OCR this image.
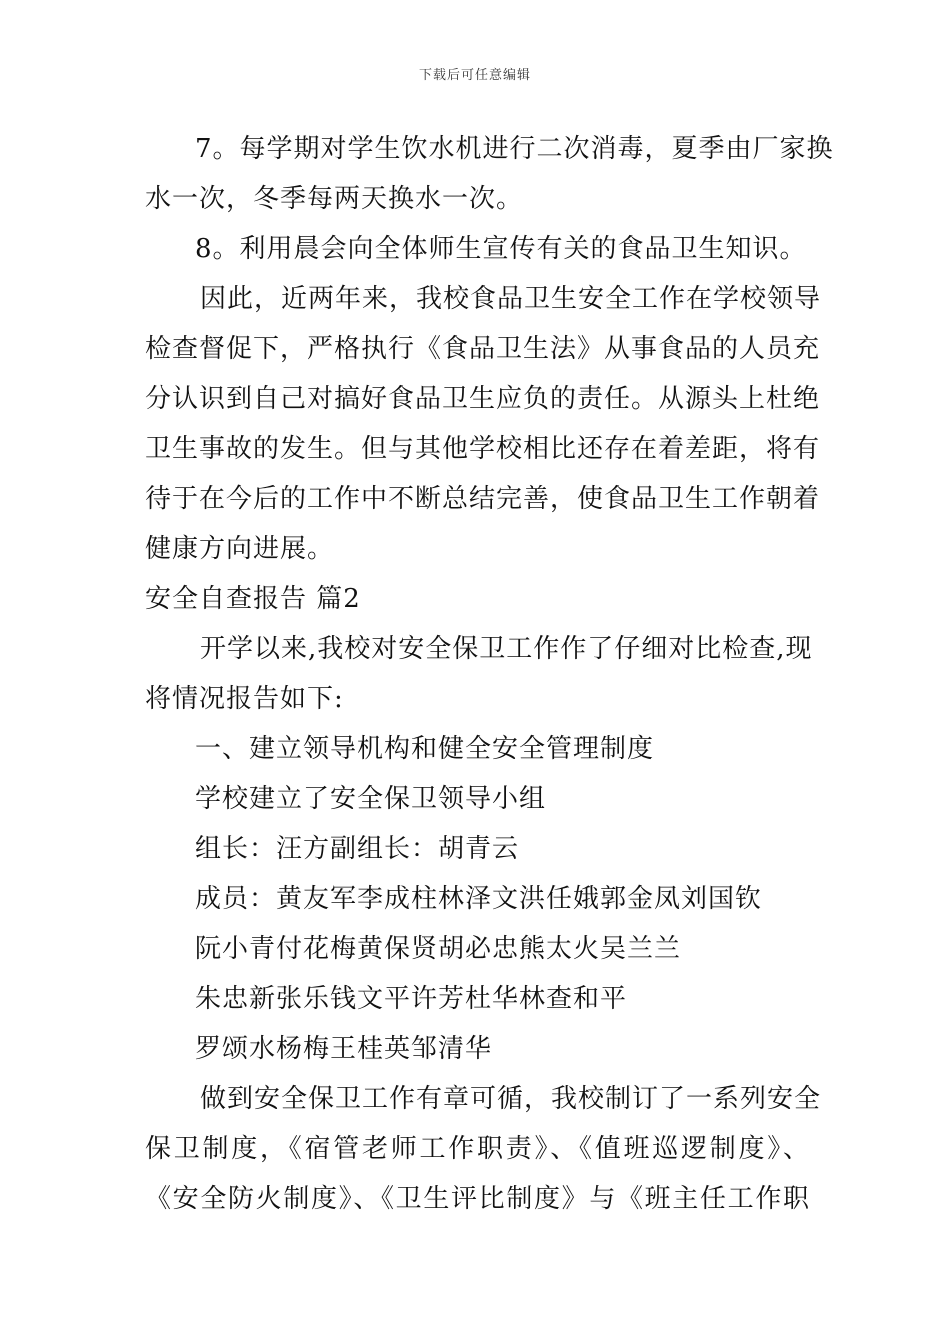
下载后可任意编辑
7。每学期对学生饮水机进行二次消毒，夏季由厂家换
水一次，冬季每两天换水一次。
8。利用晨会向全体师生宣传有关的食品卫生知识。
因此，近两年来，我校食品卫生安全工作在学校领导
检查督促下，严格执行《食品卫生法》从事食品的人员充
分认识到自己对搞好食品卫生应负的责任。从源头上杜绝
卫生事故的发生。但与其他学校相比还存在着差距，将有
待于在今后的工作中不断总结完善，使食品卫生工作朝着
健康方向进展。
安全自查报告 篇2
开学以来,我校对安全保卫工作作了仔细对比检查,现
将情况报告如下:
一、建立领导机构和健全安全管理制度
学校建立了安全保卫领导小组
组长：汪方副组长：胡青云
成员：黄友军李成柱林泽文洪任娥郭金凤刘国钦
阮小青付花梅黄保贤胡必忠熊太火吴兰兰
朱忠新张乐钱文平许芳杜华林查和平
罗颂水杨梅王桂英邹清华
做到安全保卫工作有章可循，我校制订了一系列安全
保卫制度，《宿管老师工作职责》、《值班巡逻制度》、
《安全防火制度》、《卫生评比制度》与《班主任工作职
